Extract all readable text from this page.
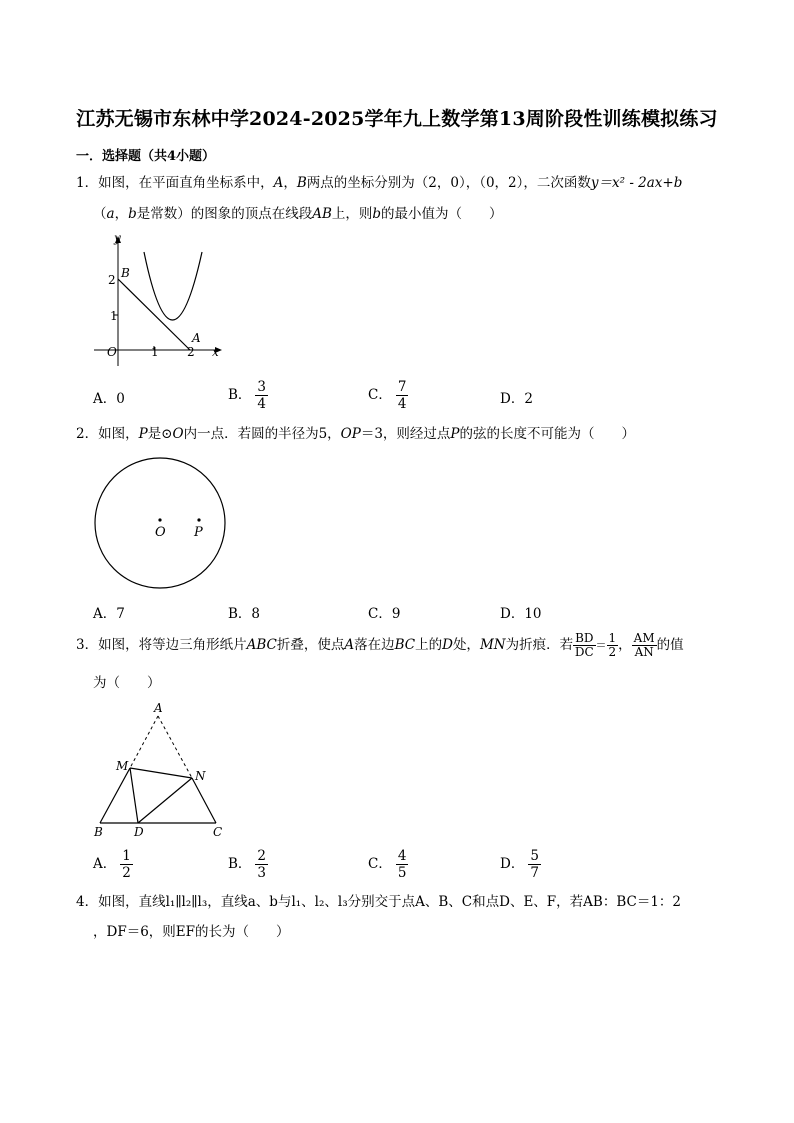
江苏无锡市东林中学2024-2025学年九上数学第13周阶段性训练模拟练习
一．选择题（共4小题）
1．如图，在平面直角坐标系中，A，B两点的坐标分别为（2，0），（0，2），二次函数y＝x² - 2ax+b
（a，b是常数）的图象的顶点在线段AB上，则b的最小值为（　　）
y
x
O	1 2
1
2 B
A
A．0	B． $\frac{3}{4}$	C． $\frac{7}{4}$	D．2
2．如图，P是⊙O内一点．若圆的半径为5，OP＝3，则经过点P的弦的长度不可能为（　　）
O P
A．7	B．8	C．9	D．10
3．如图，将等边三角形纸片ABC折叠，使点A落在边BC上的D处，MN为折痕．若 $\frac{BD}{DC} = \frac{1}{2}$ ， $\frac{AM}{AN}$ 的值
为（　　）
A
M
N
B	D	C
A． $\frac{1}{2}$	B． $\frac{2}{3}$	C． $\frac{4}{5}$	D． $\frac{5}{7}$
4．如图，直线l₁∥l₂∥l₃，直线a、b与l₁、l₂、l₃分别交于点A、B、C和点D、E、F，若AB：BC＝1：2
，DF＝6，则EF的长为（　　）
